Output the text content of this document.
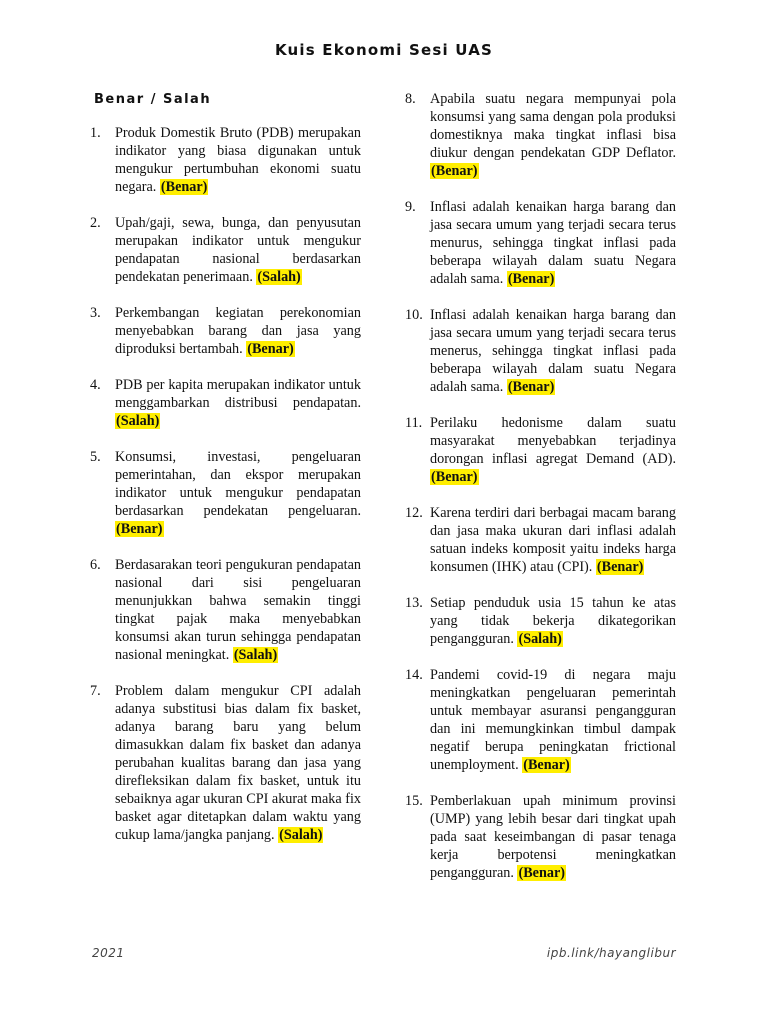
Kuis Ekonomi Sesi UAS
Benar / Salah
1. Produk Domestik Bruto (PDB) merupakan indikator yang biasa digunakan untuk mengukur pertumbuhan ekonomi suatu negara. (Benar)
2. Upah/gaji, sewa, bunga, dan penyusutan merupakan indikator untuk mengukur pendapatan nasional berdasarkan pendekatan penerimaan. (Salah)
3. Perkembangan kegiatan perekonomian menyebabkan barang dan jasa yang diproduksi bertambah. (Benar)
4. PDB per kapita merupakan indikator untuk menggambarkan distribusi pendapatan. (Salah)
5. Konsumsi, investasi, pengeluaran pemerintahan, dan ekspor merupakan indikator untuk mengukur pendapatan berdasarkan pendekatan pengeluaran. (Benar)
6. Berdasarakan teori pengukuran pendapatan nasional dari sisi pengeluaran menunjukkan bahwa semakin tinggi tingkat pajak maka menyebabkan konsumsi akan turun sehingga pendapatan nasional meningkat. (Salah)
7. Problem dalam mengukur CPI adalah adanya substitusi bias dalam fix basket, adanya barang baru yang belum dimasukkan dalam fix basket dan adanya perubahan kualitas barang dan jasa yang direfleksikan dalam fix basket, untuk itu sebaiknya agar ukuran CPI akurat maka fix basket agar ditetapkan dalam waktu yang cukup lama/jangka panjang. (Salah)
8. Apabila suatu negara mempunyai pola konsumsi yang sama dengan pola produksi domestiknya maka tingkat inflasi bisa diukur dengan pendekatan GDP Deflator. (Benar)
9. Inflasi adalah kenaikan harga barang dan jasa secara umum yang terjadi secara terus menurus, sehingga tingkat inflasi pada beberapa wilayah dalam suatu Negara adalah sama. (Benar)
10. Inflasi adalah kenaikan harga barang dan jasa secara umum yang terjadi secara terus menerus, sehingga tingkat inflasi pada beberapa wilayah dalam suatu Negara adalah sama. (Benar)
11. Perilaku hedonisme dalam suatu masyarakat menyebabkan terjadinya dorongan inflasi agregat Demand (AD). (Benar)
12. Karena terdiri dari berbagai macam barang dan jasa maka ukuran dari inflasi adalah satuan indeks komposit yaitu indeks harga konsumen (IHK) atau (CPI). (Benar)
13. Setiap penduduk usia 15 tahun ke atas yang tidak bekerja dikategorikan pengangguran. (Salah)
14. Pandemi covid-19 di negara maju meningkatkan pengeluaran pemerintah untuk membayar asuransi pengangguran dan ini memungkinkan timbul dampak negatif berupa peningkatan frictional unemployment. (Benar)
15. Pemberlakuan upah minimum provinsi (UMP) yang lebih besar dari tingkat upah pada saat keseimbangan di pasar tenaga kerja berpotensi meningkatkan pengangguran. (Benar)
2021	ipb.link/hayanglibur
